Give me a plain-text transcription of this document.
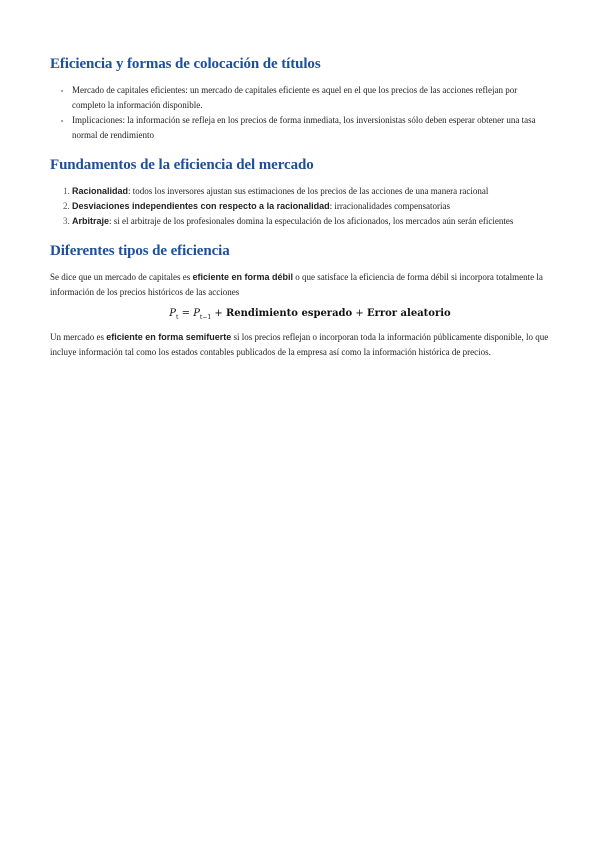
Eficiencia y formas de colocación de títulos
• Mercado de capitales eficientes: un mercado de capitales eficiente es aquel en el que los precios de las acciones reflejan por completo la información disponible.
• Implicaciones: la información se refleja en los precios de forma inmediata, los inversionistas sólo deben esperar obtener una tasa normal de rendimiento
Fundamentos de la eficiencia del mercado
1. Racionalidad: todos los inversores ajustan sus estimaciones de los precios de las acciones de una manera racional
2. Desviaciones independientes con respecto a la racionalidad: irracionalidades compensatorias
3. Arbitraje: si el arbitraje de los profesionales domina la especulación de los aficionados, los mercados aún serán eficientes
Diferentes tipos de eficiencia

Se dice que un mercado de capitales es eficiente en forma débil o que satisface la eficiencia de forma débil si incorpora totalmente la información de los precios históricos de las acciones

$P_t = P_{t-1}$ + Rendimiento esperado + Error aleatorio

Un mercado es eficiente en forma semifuerte si los precios reflejan o incorporan toda la información públicamente disponible, lo que incluye información tal como los estados contables publicados de la empresa así como la información histórica de precios.
